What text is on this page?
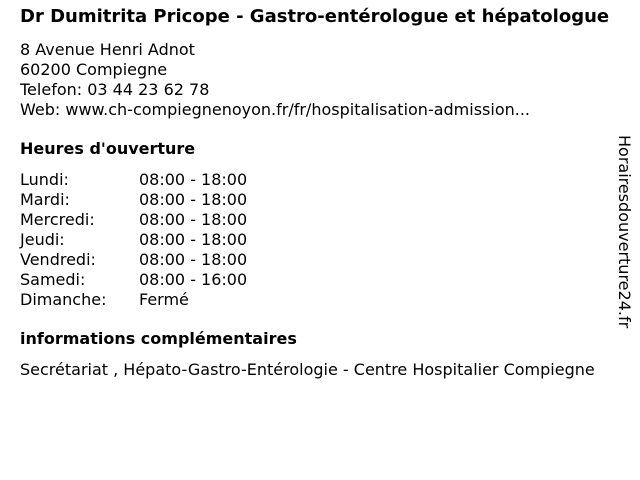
Dr Dumitrita Pricope - Gastro-entérologue et hépatologue
8 Avenue Henri Adnot
60200 Compiegne
Telefon: 03 44 23 62 78
Web: www.ch-compiegnenoyon.fr/fr/hospitalisation-admission...
Heures d'ouverture
Lundi:	08:00 - 18:00
Mardi:	08:00 - 18:00
Mercredi:	08:00 - 18:00
Jeudi:	08:00 - 18:00
Vendredi:	08:00 - 18:00
Samedi:	08:00 - 16:00
Dimanche:	Fermé
informations complémentaires
Secrétariat , Hépato-Gastro-Entérologie - Centre Hospitalier Compiegne
Horairesdouverture24.fr
